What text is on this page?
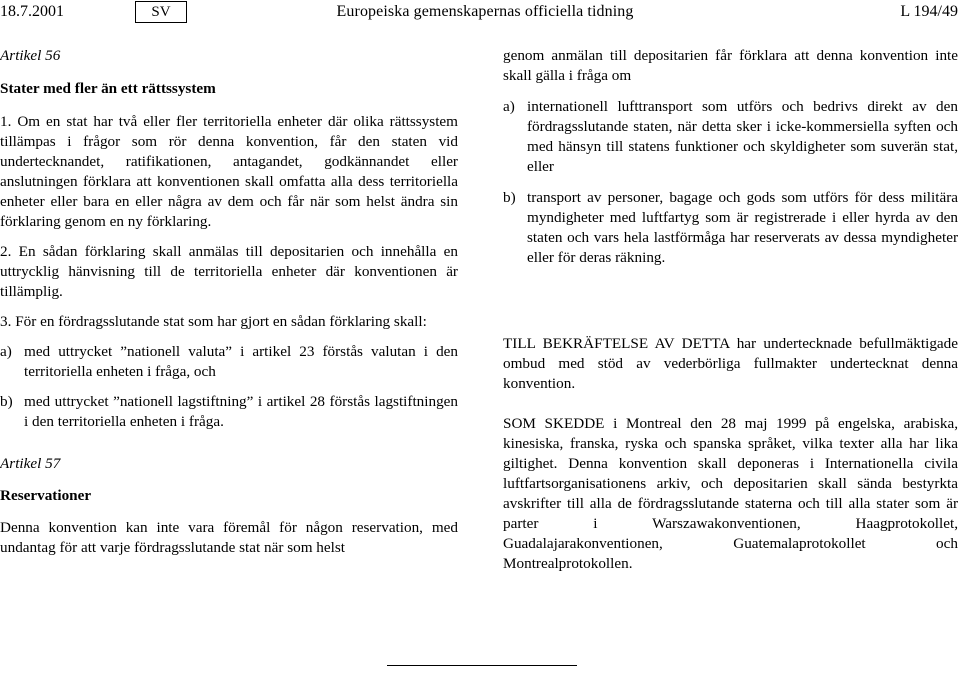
18.7.2001	SV	Europeiska gemenskapernas officiella tidning	L 194/49

Artikel 56

Stater med fler än ett rättssystem

1. Om en stat har två eller fler territoriella enheter där olika rättssystem tillämpas i frågor som rör denna konvention, får den staten vid undertecknandet, ratifikationen, antagandet, godkännandet eller anslutningen förklara att konventionen skall omfatta alla dess territoriella enheter eller bara en eller några av dem och får när som helst ändra sin förklaring genom en ny förklaring.

2. En sådan förklaring skall anmälas till depositarien och innehålla en uttrycklig hänvisning till de territoriella enheter där konventionen är tillämplig.

3. För en fördragsslutande stat som har gjort en sådan förklaring skall:

a) med uttrycket ”nationell valuta” i artikel 23 förstås valutan i den territoriella enheten i fråga, och
b) med uttrycket ”nationell lagstiftning” i artikel 28 förstås lagstiftningen i den territoriella enheten i fråga.

Artikel 57

Reservationer

Denna konvention kan inte vara föremål för någon reservation, med undantag för att varje fördragsslutande stat när som helst

genom anmälan till depositarien får förklara att denna konvention inte skall gälla i fråga om

a) internationell lufttransport som utförs och bedrivs direkt av den fördragsslutande staten, när detta sker i icke-kommersiella syften och med hänsyn till statens funktioner och skyldigheter som suverän stat, eller
b) transport av personer, bagage och gods som utförs för dess militära myndigheter med luftfartyg som är registrerade i eller hyrda av den staten och vars hela lastförmåga har reserverats av dessa myndigheter eller för deras räkning.

TILL BEKRÄFTELSE AV DETTA har undertecknade befullmäktigade ombud med stöd av vederbörliga fullmakter undertecknat denna konvention.

SOM SKEDDE i Montreal den 28 maj 1999 på engelska, arabiska, kinesiska, franska, ryska och spanska språket, vilka texter alla har lika giltighet. Denna konvention skall deponeras i Internationella civila luftfartsorganisationens arkiv, och depositarien skall sända bestyrkta avskrifter till alla de fördragsslutande staterna och till alla stater som är parter i Warszawakonventionen, Haagprotokollet, Guadalajarakonventionen, Guatemalaprotokollet och Montrealprotokollen.
